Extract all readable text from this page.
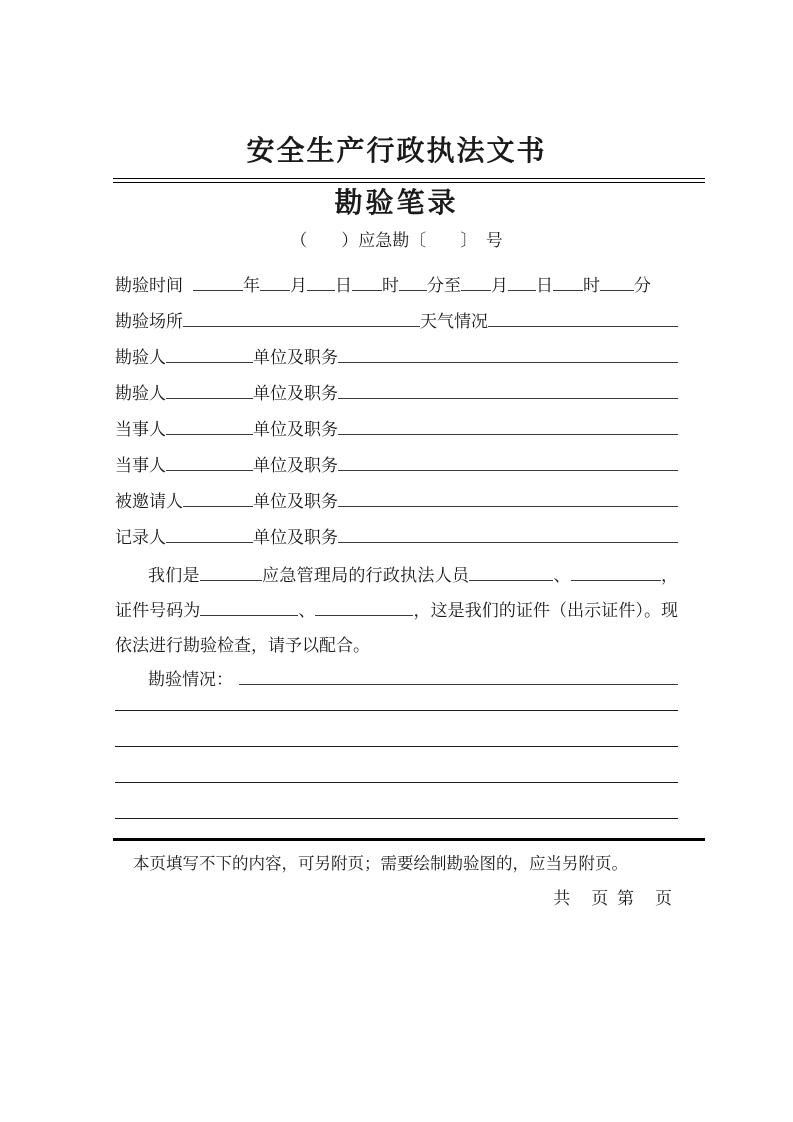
安全生产行政执法文书
勘验笔录
（　　）应急勘〔　　〕　号
勘验时间	年 月 日 时 分至 月 日 时 分
勘验场所	天气情况
勘验人	单位及职务
勘验人	单位及职务
当事人	单位及职务
当事人	单位及职务
被邀请人	单位及职务
记录人	单位及职务
我们是	应急管理局的行政执法人员	、	，证件号码为	、	，这是我们的证件（出示证件）。现依法进行勘验检查，请予以配合。
勘验情况：
本页填写不下的内容，可另附页；需要绘制勘验图的，应当另附页。
共　页 第　页
